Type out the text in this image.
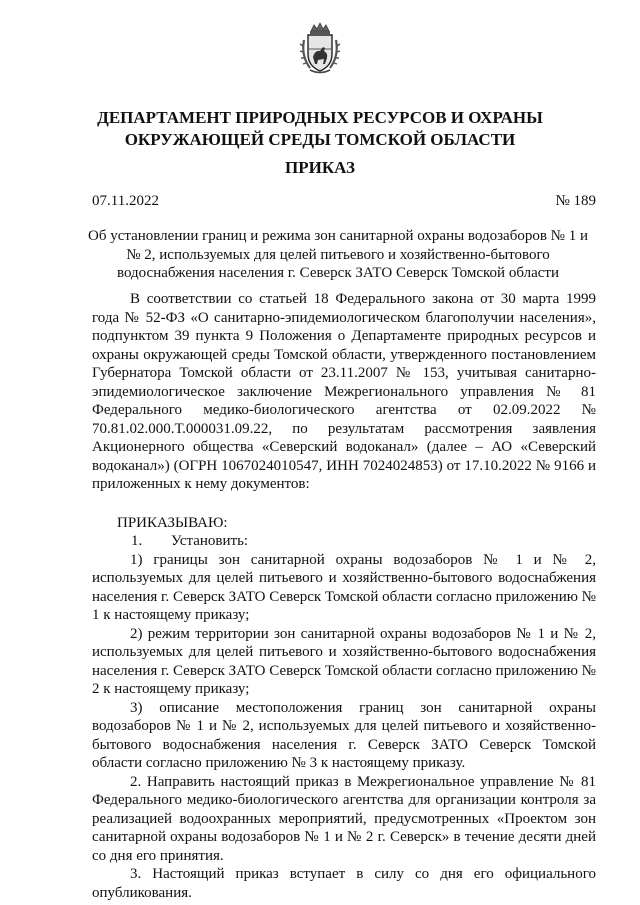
ДЕПАРТАМЕНТ ПРИРОДНЫХ РЕСУРСОВ И ОХРАНЫ ОКРУЖАЮЩЕЙ СРЕДЫ ТОМСКОЙ ОБЛАСТИ
ПРИКАЗ
07.11.2022	№ 189

Об установлении границ и режима зон санитарной охраны водозаборов № 1 и № 2, используемых для целей питьевого и хозяйственно-бытового водоснабжения населения г. Северск ЗАТО Северск Томской области

В соответствии со статьей 18 Федерального закона от 30 марта 1999 года № 52-ФЗ «О санитарно-эпидемиологическом благополучии населения», подпунктом 39 пункта 9 Положения о Департаменте природных ресурсов и охраны окружающей среды Томской области, утвержденного постановлением Губернатора Томской области от 23.11.2007 № 153, учитывая санитарно-эпидемиологическое заключение Межрегионального управления № 81 Федерального медико-биологического агентства от 02.09.2022 № 70.81.02.000.Т.000031.09.22, по результатам рассмотрения заявления Акционерного общества «Северский водоканал» (далее – АО «Северский водоканал») (ОГРН 1067024010547, ИНН 7024024853) от 17.10.2022 № 9166 и приложенных к нему документов:

ПРИКАЗЫВАЮ:

1. Установить:

1) границы зон санитарной охраны водозаборов № 1 и № 2, используемых для целей питьевого и хозяйственно-бытового водоснабжения населения г. Северск ЗАТО Северск Томской области согласно приложению № 1 к настоящему приказу;

2) режим территории зон санитарной охраны водозаборов № 1 и № 2, используемых для целей питьевого и хозяйственно-бытового водоснабжения населения г. Северск ЗАТО Северск Томской области согласно приложению № 2 к настоящему приказу;

3) описание местоположения границ зон санитарной охраны водозаборов № 1 и № 2, используемых для целей питьевого и хозяйственно-бытового водоснабжения населения г. Северск ЗАТО Северск Томской области согласно приложению № 3 к настоящему приказу.

2. Направить настоящий приказ в Межрегиональное управление № 81 Федерального медико-биологического агентства для организации контроля за реализацией водоохранных мероприятий, предусмотренных «Проектом зон санитарной охраны водозаборов № 1 и № 2 г. Северск» в течение десяти дней со дня его принятия.

3. Настоящий приказ вступает в силу со дня его официального опубликования.
